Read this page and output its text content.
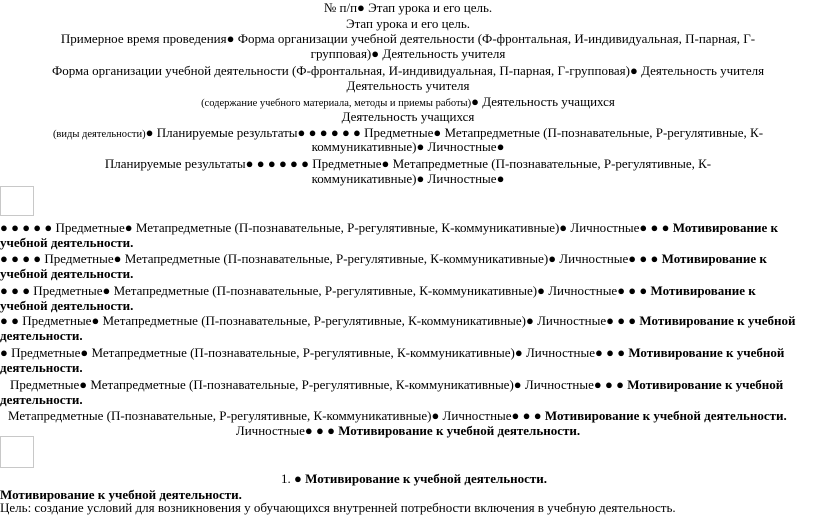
№ п/п● Этап урока и его цель.
Этап урока и его цель.
Примерное время проведения● Форма организации учебной деятельности (Ф-фронтальная, И-индивидуальная, П-парная, Г-
групповая)● Деятельность учителя
Форма организации учебной деятельности (Ф-фронтальная, И-индивидуальная, П-парная, Г-групповая)● Деятельность учителя
Деятельность учителя
(содержание учебного материала, методы и приемы работы)● Деятельность учащихся
Деятельность учащихся
(виды деятельности)● Планируемые результаты● ● ● ● ● ● Предметные● Метапредметные (П-познавательные, Р-регулятивные, К-
коммуникативные)● Личностные●
Планируемые результаты● ● ● ● ● ● Предметные● Метапредметные (П-познавательные, Р-регулятивные, К-
коммуникативные)● Личностные●
● ● ● ● ● Предметные● Метапредметные (П-познавательные, Р-регулятивные, К-коммуникативные)● Личностные● ● ● Мотивирование к
учебной деятельности.
● ● ● ● Предметные● Метапредметные (П-познавательные, Р-регулятивные, К-коммуникативные)● Личностные● ● ● Мотивирование к
учебной деятельности.
● ● ● Предметные● Метапредметные (П-познавательные, Р-регулятивные, К-коммуникативные)● Личностные● ● ● Мотивирование к
учебной деятельности.
● ● Предметные● Метапредметные (П-познавательные, Р-регулятивные, К-коммуникативные)● Личностные● ● ● Мотивирование к учебной
деятельности.
● Предметные● Метапредметные (П-познавательные, Р-регулятивные, К-коммуникативные)● Личностные● ● ● Мотивирование к учебной
деятельности.
Предметные● Метапредметные (П-познавательные, Р-регулятивные, К-коммуникативные)● Личностные● ● ● Мотивирование к учебной
деятельности.
Метапредметные (П-познавательные, Р-регулятивные, К-коммуникативные)● Личностные● ● ● Мотивирование к учебной деятельности.
Личностные● ● ● Мотивирование к учебной деятельности.
1. ● Мотивирование к учебной деятельности.
Мотивирование к учебной деятельности.
Цель: создание условий для возникновения у обучающихся внутренней потребности включения в учебную деятельность.
